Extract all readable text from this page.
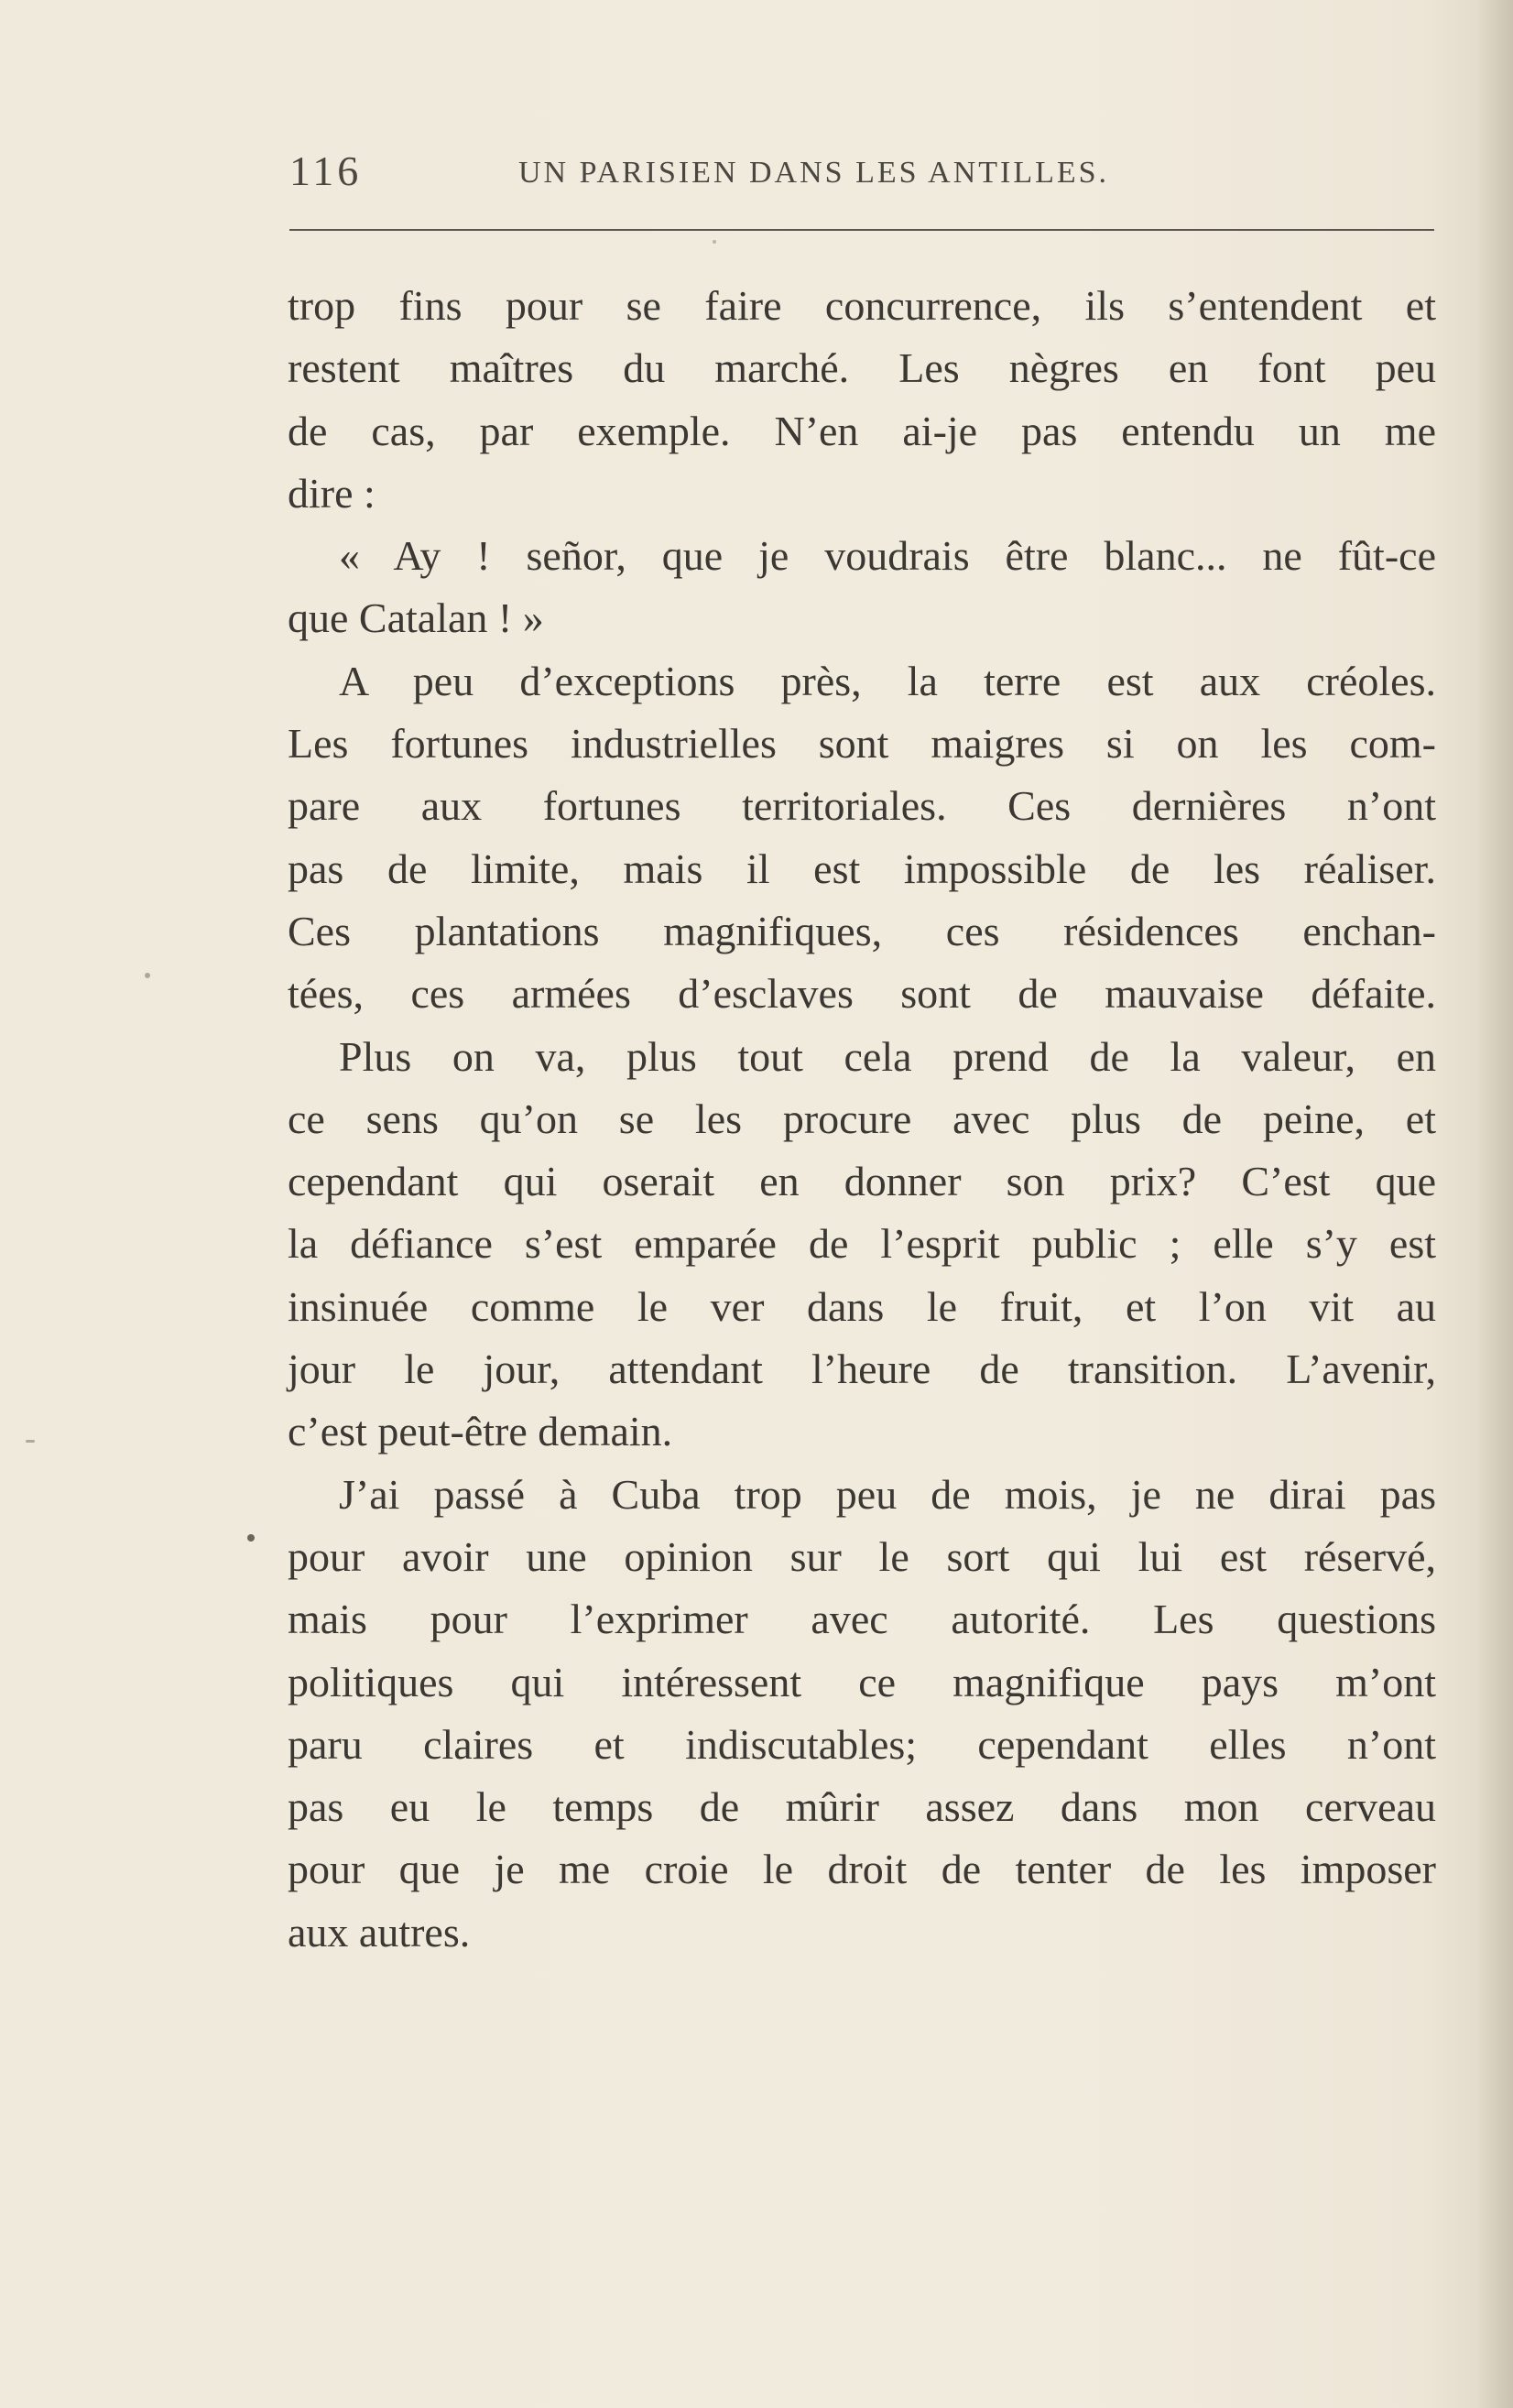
116	UN PARISIEN DANS LES ANTILLES.
trop fins pour se faire concurrence, ils s’entendent et
restent maîtres du marché. Les nègres en font peu
de cas, par exemple. N’en ai-je pas entendu un me
dire :
« Ay ! señor, que je voudrais être blanc... ne fût-ce
que Catalan ! »
A peu d’exceptions près, la terre est aux créoles.
Les fortunes industrielles sont maigres si on les com-
pare aux fortunes territoriales. Ces dernières n’ont
pas de limite, mais il est impossible de les réaliser.
Ces plantations magnifiques, ces résidences enchan-
tées, ces armées d’esclaves sont de mauvaise défaite.
Plus on va, plus tout cela prend de la valeur, en
ce sens qu’on se les procure avec plus de peine, et
cependant qui oserait en donner son prix? C’est que
la défiance s’est emparée de l’esprit public ; elle s’y est
insinuée comme le ver dans le fruit, et l’on vit au
jour le jour, attendant l’heure de transition. L’avenir,
c’est peut-être demain.
J’ai passé à Cuba trop peu de mois, je ne dirai pas
pour avoir une opinion sur le sort qui lui est réservé,
mais pour l’exprimer avec autorité. Les questions
politiques qui intéressent ce magnifique pays m’ont
paru claires et indiscutables; cependant elles n’ont
pas eu le temps de mûrir assez dans mon cerveau
pour que je me croie le droit de tenter de les imposer
aux autres.
